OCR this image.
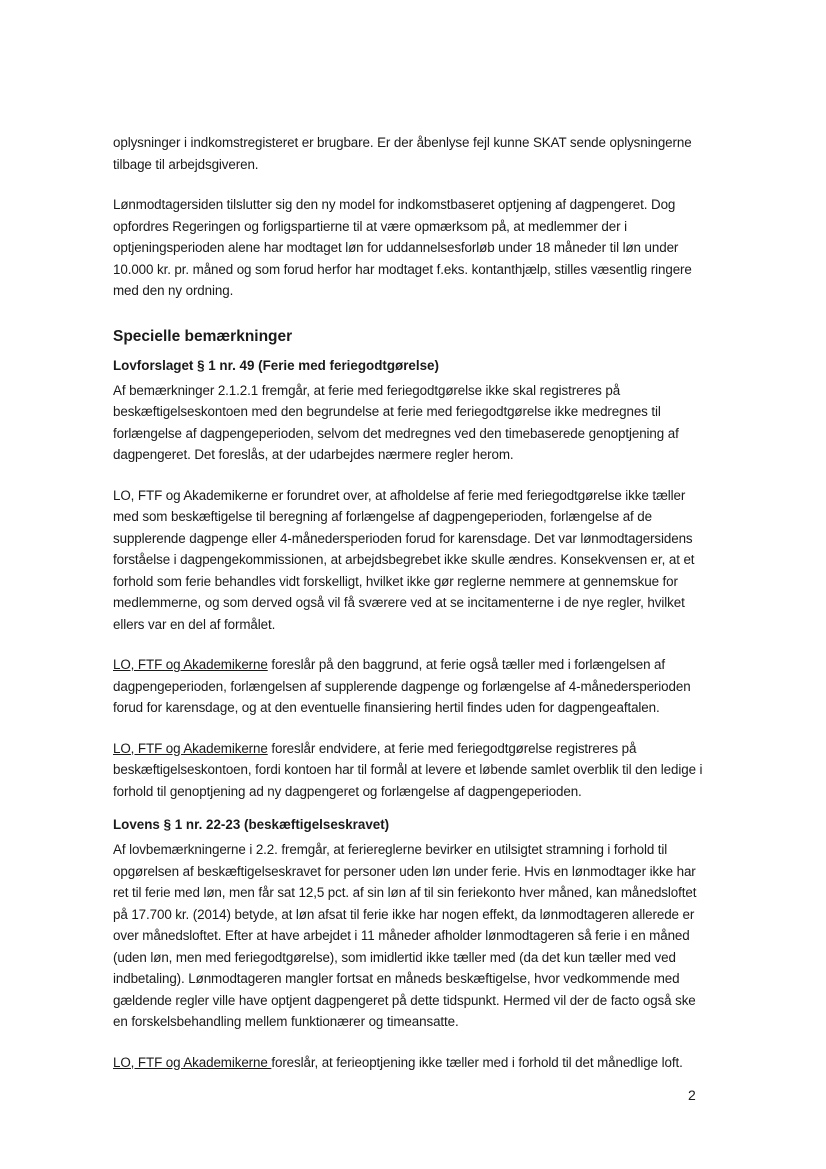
oplysninger i indkomstregisteret er brugbare. Er der åbenlyse fejl kunne SKAT sende oplysningerne tilbage til arbejdsgiveren.

Lønmodtagersiden tilslutter sig den ny model for indkomstbaseret optjening af dagpengeret. Dog opfordres Regeringen og forligspartierne til at være opmærksom på, at medlemmer der i optjeningsperioden alene har modtaget løn for uddannelsesforløb under 18 måneder til løn under 10.000 kr. pr. måned og som forud herfor har modtaget f.eks. kontanthjælp, stilles væsentlig ringere med den ny ordning.

Specielle bemærkninger
Lovforslaget § 1 nr. 49 (Ferie med feriegodtgørelse)

Af bemærkninger 2.1.2.1 fremgår, at ferie med feriegodtgørelse ikke skal registreres på beskæftigelseskontoen med den begrundelse at ferie med feriegodtgørelse ikke medregnes til forlængelse af dagpengeperioden, selvom det medregnes ved den timebaserede genoptjening af dagpengeret. Det foreslås, at der udarbejdes nærmere regler herom.

LO, FTF og Akademikerne er forundret over, at afholdelse af ferie med feriegodtgørelse ikke tæller med som beskæftigelse til beregning af forlængelse af dagpengeperioden, forlængelse af de supplerende dagpenge eller 4-månedersperioden forud for karensdage. Det var lønmodtagersidens forståelse i dagpengekommissionen, at arbejdsbegrebet ikke skulle ændres. Konsekvensen er, at et forhold som ferie behandles vidt forskelligt, hvilket ikke gør reglerne nemmere at gennemskue for medlemmerne, og som derved også vil få sværere ved at se incitamenterne i de nye regler, hvilket ellers var en del af formålet.

LO, FTF og Akademikerne foreslår på den baggrund, at ferie også tæller med i forlængelsen af dagpengeperioden, forlængelsen af supplerende dagpenge og forlængelse af 4-månedersperioden forud for karensdage, og at den eventuelle finansiering hertil findes uden for dagpengeaftalen.

LO, FTF og Akademikerne foreslår endvidere, at ferie med feriegodtgørelse registreres på beskæftigelseskontoen, fordi kontoen har til formål at levere et løbende samlet overblik til den ledige i forhold til genoptjening ad ny dagpengeret og forlængelse af dagpengeperioden.

Lovens § 1 nr. 22-23 (beskæftigelseskravet)

Af lovbemærkningerne i 2.2. fremgår, at feriereglerne bevirker en utilsigtet stramning i forhold til opgørelsen af beskæftigelseskravet for personer uden løn under ferie. Hvis en lønmodtager ikke har ret til ferie med løn, men får sat 12,5 pct. af sin løn af til sin feriekonto hver måned, kan månedsloftet på 17.700 kr. (2014) betyde, at løn afsat til ferie ikke har nogen effekt, da lønmodtageren allerede er over månedsloftet. Efter at have arbejdet i 11 måneder afholder lønmodtageren så ferie i en måned (uden løn, men med feriegodtgørelse), som imidlertid ikke tæller med (da det kun tæller med ved indbetaling). Lønmodtageren mangler fortsat en måneds beskæftigelse, hvor vedkommende med gældende regler ville have optjent dagpengeret på dette tidspunkt. Hermed vil der de facto også ske en forskelsbehandling mellem funktionærer og timeansatte.

LO, FTF og Akademikerne foreslår, at ferieoptjening ikke tæller med i forhold til det månedlige loft.

2
